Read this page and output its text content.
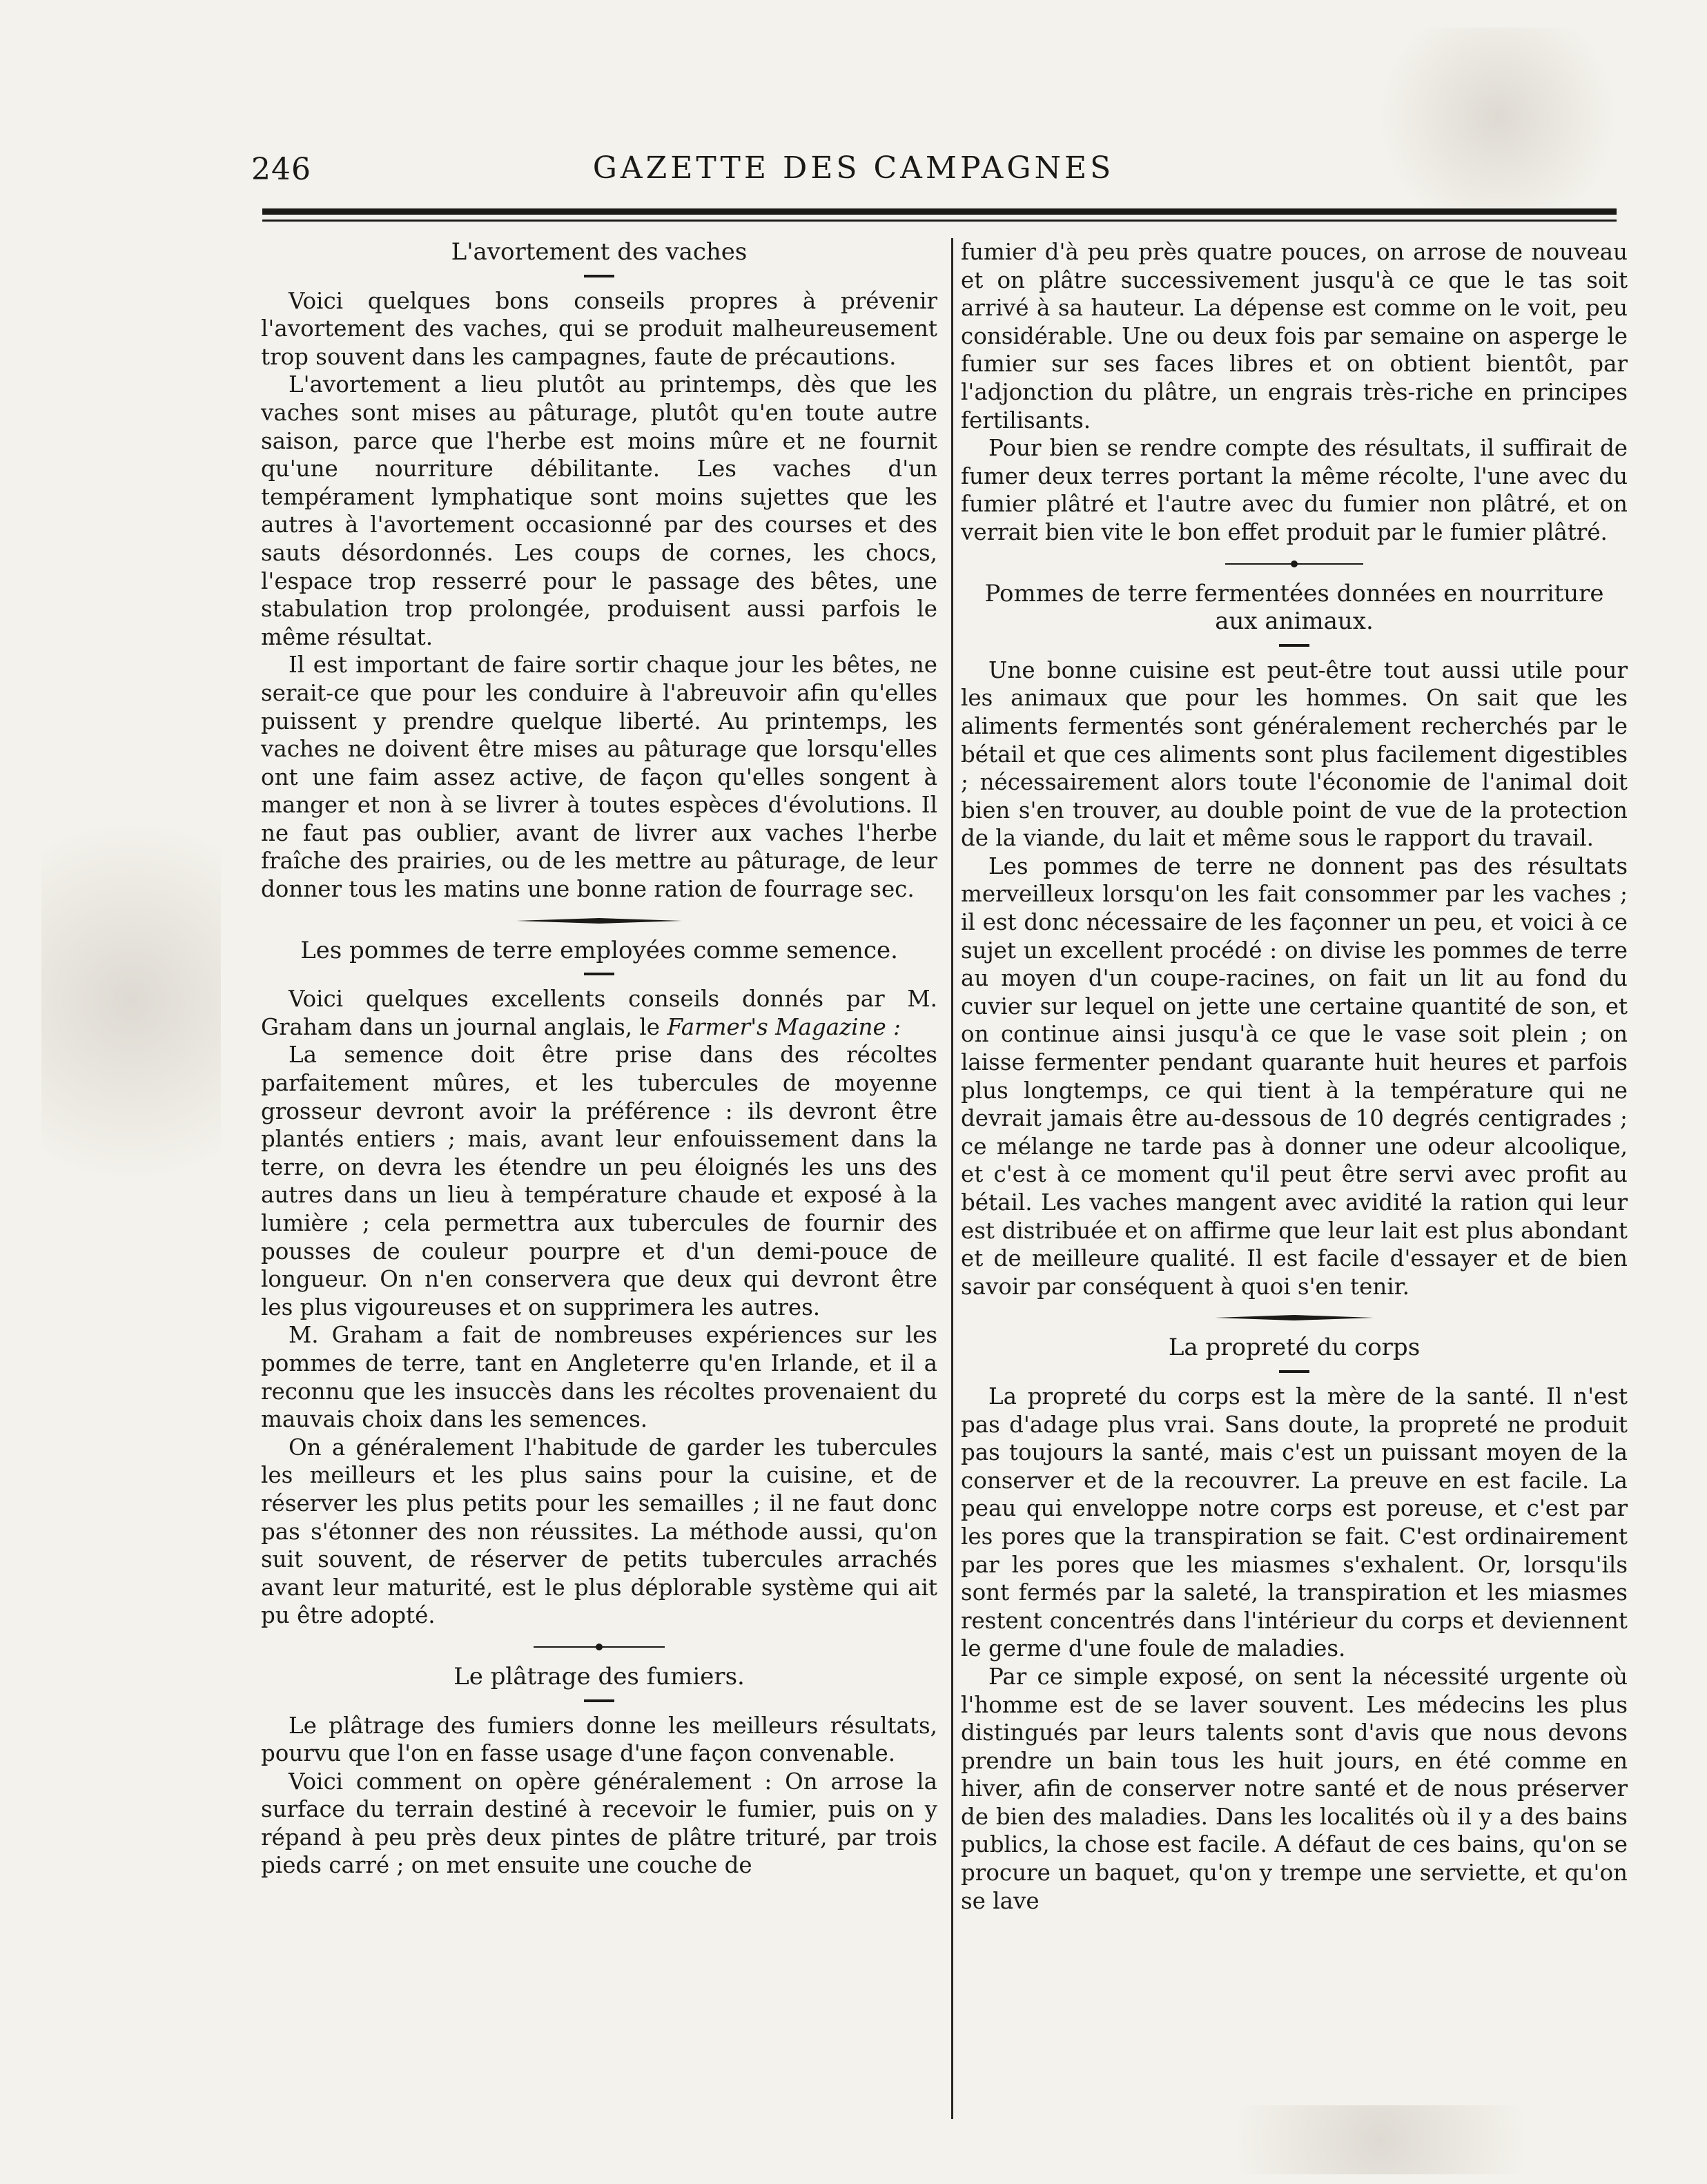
246	GAZETTE DES CAMPAGNES
L'avortement des vaches

Voici quelques bons conseils propres à prévenir l'avortement des vaches, qui se produit malheureusement trop souvent dans les campagnes, faute de précautions.

L'avortement a lieu plutôt au printemps, dès que les vaches sont mises au pâturage, plutôt qu'en toute autre saison, parce que l'herbe est moins mûre et ne fournit qu'une nourriture débilitante. Les vaches d'un tempérament lymphatique sont moins sujettes que les autres à l'avortement occasionné par des courses et des sauts désordonnés. Les coups de cornes, les chocs, l'espace trop resserré pour le passage des bêtes, une stabulation trop prolongée, produisent aussi parfois le même résultat.

Il est important de faire sortir chaque jour les bêtes, ne serait-ce que pour les conduire à l'abreuvoir afin qu'elles puissent y prendre quelque liberté. Au printemps, les vaches ne doivent être mises au pâturage que lorsqu'elles ont une faim assez active, de façon qu'elles songent à manger et non à se livrer à toutes espèces d'évolutions. Il ne faut pas oublier, avant de livrer aux vaches l'herbe fraîche des prairies, ou de les mettre au pâturage, de leur donner tous les matins une bonne ration de fourrage sec.

Les pommes de terre employées comme semence.

Voici quelques excellents conseils donnés par M. Graham dans un journal anglais, le Farmer's Magazine :

La semence doit être prise dans des récoltes parfaitement mûres, et les tubercules de moyenne grosseur devront avoir la préférence : ils devront être plantés entiers ; mais, avant leur enfouissement dans la terre, on devra les étendre un peu éloignés les uns des autres dans un lieu à température chaude et exposé à la lumière ; cela permettra aux tubercules de fournir des pousses de couleur pourpre et d'un demi-pouce de longueur. On n'en conservera que deux qui devront être les plus vigoureuses et on supprimera les autres.

M. Graham a fait de nombreuses expériences sur les pommes de terre, tant en Angleterre qu'en Irlande, et il a reconnu que les insuccès dans les récoltes provenaient du mauvais choix dans les semences.

On a généralement l'habitude de garder les tubercules les meilleurs et les plus sains pour la cuisine, et de réserver les plus petits pour les semailles ; il ne faut donc pas s'étonner des non réussites. La méthode aussi, qu'on suit souvent, de réserver de petits tubercules arrachés avant leur maturité, est le plus déplorable système qui ait pu être adopté.

Le plâtrage des fumiers.

Le plâtrage des fumiers donne les meilleurs résultats, pourvu que l'on en fasse usage d'une façon convenable.

Voici comment on opère généralement : On arrose la surface du terrain destiné à recevoir le fumier, puis on y répand à peu près deux pintes de plâtre trituré, par trois pieds carré ; on met ensuite une couche de

fumier d'à peu près quatre pouces, on arrose de nouveau et on plâtre successivement jusqu'à ce que le tas soit arrivé à sa hauteur. La dépense est comme on le voit, peu considérable. Une ou deux fois par semaine on asperge le fumier sur ses faces libres et on obtient bientôt, par l'adjonction du plâtre, un engrais très-riche en principes fertilisants.

Pour bien se rendre compte des résultats, il suffirait de fumer deux terres portant la même récolte, l'une avec du fumier plâtré et l'autre avec du fumier non plâtré, et on verrait bien vite le bon effet produit par le fumier plâtré.

Pommes de terre fermentées données en nourriture
aux animaux.

Une bonne cuisine est peut-être tout aussi utile pour les animaux que pour les hommes. On sait que les aliments fermentés sont généralement recherchés par le bétail et que ces aliments sont plus facilement digestibles ; nécessairement alors toute l'économie de l'animal doit bien s'en trouver, au double point de vue de la protection de la viande, du lait et même sous le rapport du travail.

Les pommes de terre ne donnent pas des résultats merveilleux lorsqu'on les fait consommer par les vaches ; il est donc nécessaire de les façonner un peu, et voici à ce sujet un excellent procédé : on divise les pommes de terre au moyen d'un coupe-racines, on fait un lit au fond du cuvier sur lequel on jette une certaine quantité de son, et on continue ainsi jusqu'à ce que le vase soit plein ; on laisse fermenter pendant quarante huit heures et parfois plus longtemps, ce qui tient à la température qui ne devrait jamais être au-dessous de 10 degrés centigrades ; ce mélange ne tarde pas à donner une odeur alcoolique, et c'est à ce moment qu'il peut être servi avec profit au bétail. Les vaches mangent avec avidité la ration qui leur est distribuée et on affirme que leur lait est plus abondant et de meilleure qualité. Il est facile d'essayer et de bien savoir par conséquent à quoi s'en tenir.

La propreté du corps

La propreté du corps est la mère de la santé. Il n'est pas d'adage plus vrai. Sans doute, la propreté ne produit pas toujours la santé, mais c'est un puissant moyen de la conserver et de la recouvrer. La preuve en est facile. La peau qui enveloppe notre corps est poreuse, et c'est par les pores que la transpiration se fait. C'est ordinairement par les pores que les miasmes s'exhalent. Or, lorsqu'ils sont fermés par la saleté, la transpiration et les miasmes restent concentrés dans l'intérieur du corps et deviennent le germe d'une foule de maladies.

Par ce simple exposé, on sent la nécessité urgente où l'homme est de se laver souvent. Les médecins les plus distingués par leurs talents sont d'avis que nous devons prendre un bain tous les huit jours, en été comme en hiver, afin de conserver notre santé et de nous préserver de bien des maladies. Dans les localités où il y a des bains publics, la chose est facile. A défaut de ces bains, qu'on se procure un baquet, qu'on y trempe une serviette, et qu'on se lave
